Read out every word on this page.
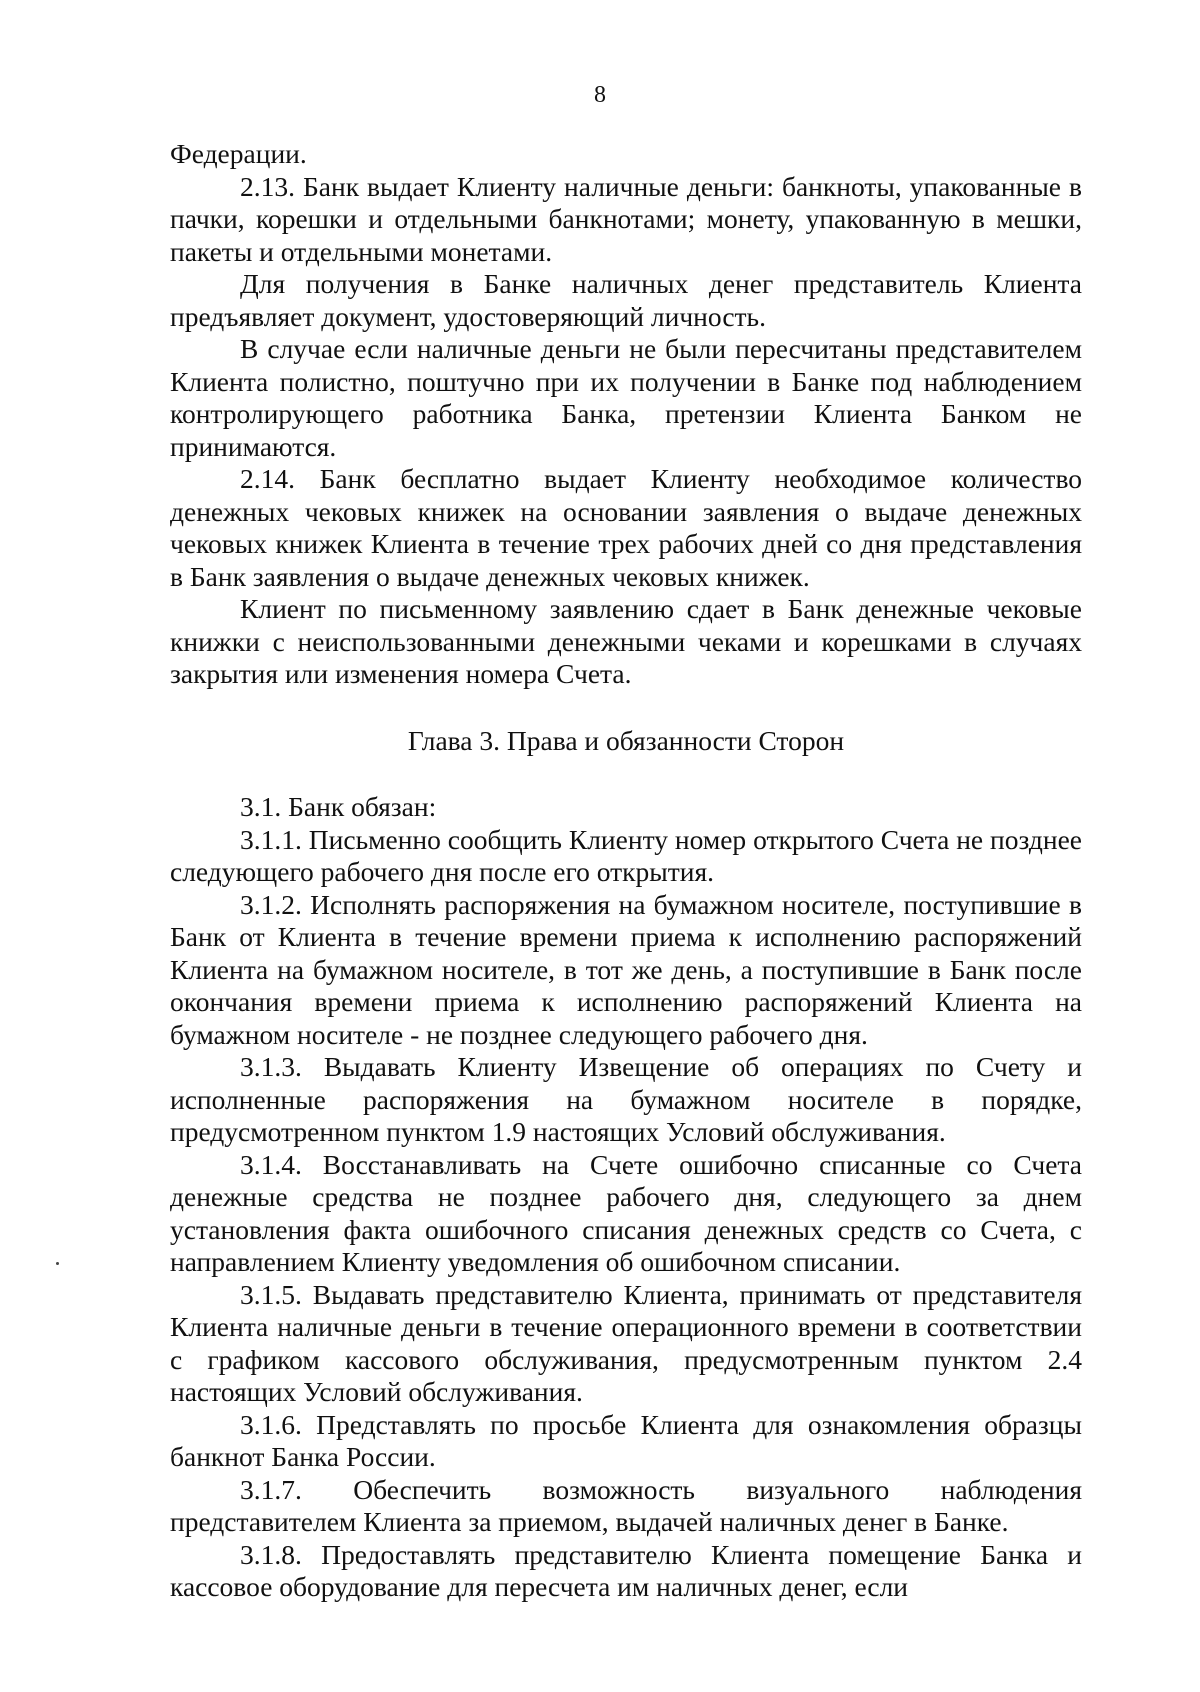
8

Федерации.

2.13. Банк выдает Клиенту наличные деньги: банкноты, упакованные в пачки, корешки и отдельными банкнотами; монету, упакованную в мешки, пакеты и отдельными монетами.

Для получения в Банке наличных денег представитель Клиента предъявляет документ, удостоверяющий личность.

В случае если наличные деньги не были пересчитаны представителем Клиента полистно, поштучно при их получении в Банке под наблюдением контролирующего работника Банка, претензии Клиента Банком не принимаются.

2.14. Банк бесплатно выдает Клиенту необходимое количество денежных чековых книжек на основании заявления о выдаче денежных чековых книжек Клиента в течение трех рабочих дней со дня представления в Банк заявления о выдаче денежных чековых книжек.

Клиент по письменному заявлению сдает в Банк денежные чековые книжки с неиспользованными денежными чеками и корешками в случаях закрытия или изменения номера Счета.

Глава 3. Права и обязанности Сторон

3.1. Банк обязан:

3.1.1. Письменно сообщить Клиенту номер открытого Счета не позднее следующего рабочего дня после его открытия.

3.1.2. Исполнять распоряжения на бумажном носителе, поступившие в Банк от Клиента в течение времени приема к исполнению распоряжений Клиента на бумажном носителе, в тот же день, а поступившие в Банк после окончания времени приема к исполнению распоряжений Клиента на бумажном носителе - не позднее следующего рабочего дня.

3.1.3. Выдавать Клиенту Извещение об операциях по Счету и исполненные распоряжения на бумажном носителе в порядке, предусмотренном пунктом 1.9 настоящих Условий обслуживания.

3.1.4. Восстанавливать на Счете ошибочно списанные со Счета денежные средства не позднее рабочего дня, следующего за днем установления факта ошибочного списания денежных средств со Счета, с направлением Клиенту уведомления об ошибочном списании.

3.1.5. Выдавать представителю Клиента, принимать от представителя Клиента наличные деньги в течение операционного времени в соответствии с графиком кассового обслуживания, предусмотренным пунктом 2.4 настоящих Условий обслуживания.

3.1.6. Представлять по просьбе Клиента для ознакомления образцы банкнот Банка России.

3.1.7. Обеспечить возможность визуального наблюдения представителем Клиента за приемом, выдачей наличных денег в Банке.

3.1.8. Предоставлять представителю Клиента помещение Банка и кассовое оборудование для пересчета им наличных денег, если
